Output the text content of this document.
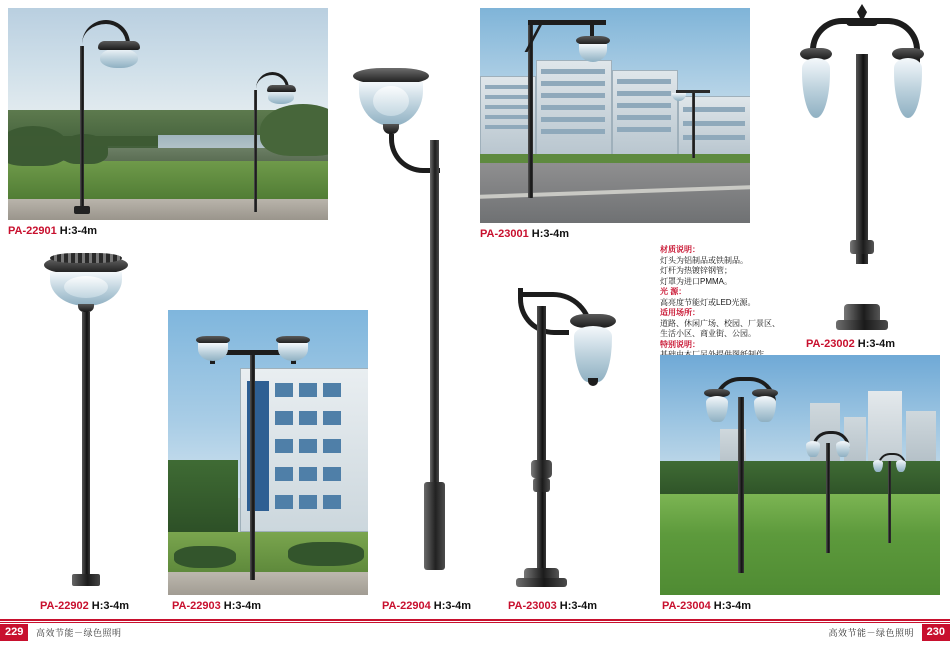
PA-22901 H:3-4m
PA-22902 H:3-4m	PA-22903 H:3-4m	PA-22904 H:3-4m
PA-23001 H:3-4m

材质说明：

灯头为铝制品或铁制品。

灯杆为热镀锌钢管；

灯罩为进口PMMA。

光 源：

高亮度节能灯或LED光源。

适用场所：

道路、休闲广场、校园、厂景区、

生活小区、商业街、公园。

特别说明：	PA-23002 H:3-4m
PA-23003 H:3-4m	PA-23004 H:3-4m
229	高效节能－绿色照明	230
高效节能－绿色照明
